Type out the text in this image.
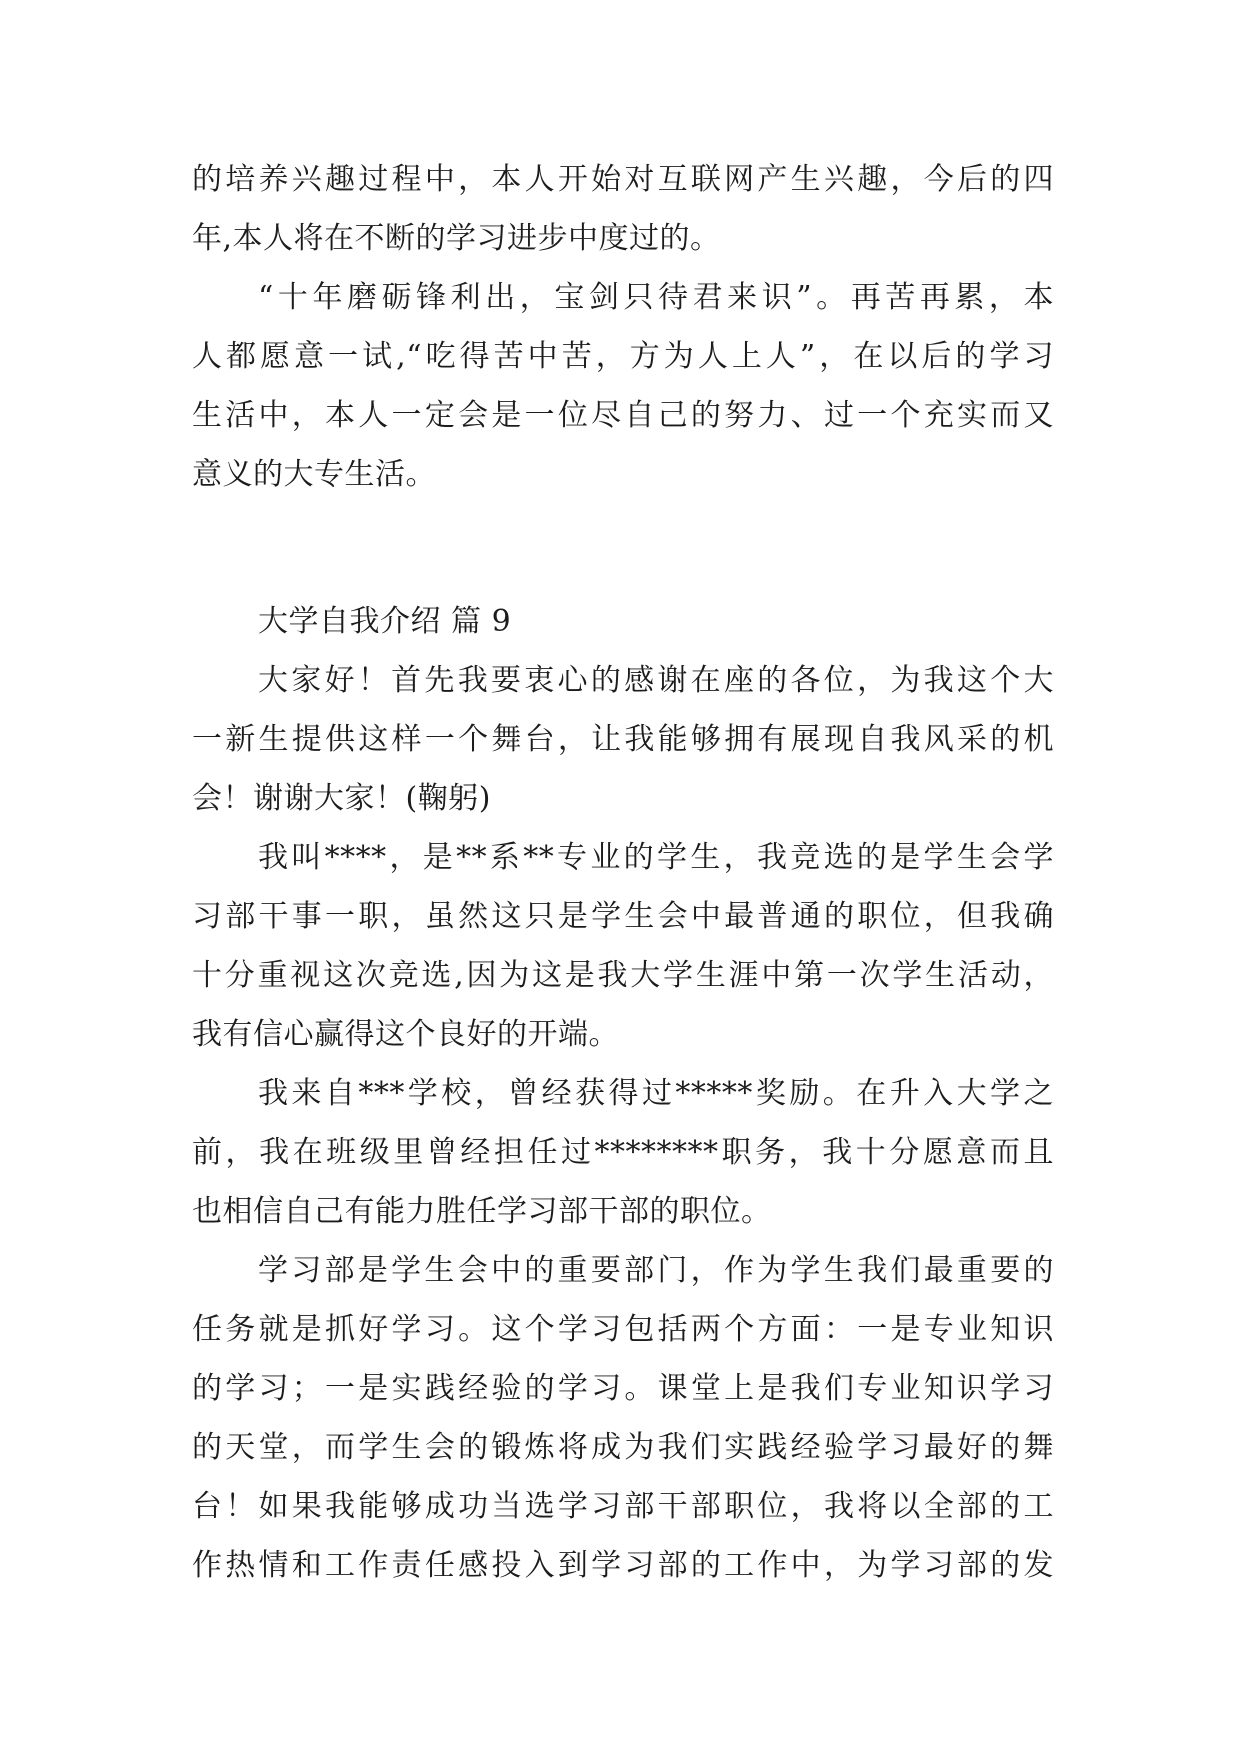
的培养兴趣过程中，本人开始对互联网产生兴趣，今后的四
年,本人将在不断的学习进步中度过的。
“十年磨砺锋利出，宝剑只待君来识”。再苦再累，本
人都愿意一试,“吃得苦中苦，方为人上人”，在以后的学习
生活中，本人一定会是一位尽自己的努力、过一个充实而又
意义的大专生活。
大学自我介绍 篇 9
大家好！首先我要衷心的感谢在座的各位，为我这个大
一新生提供这样一个舞台，让我能够拥有展现自我风采的机
会！谢谢大家！(鞠躬)
我叫****，是**系**专业的学生，我竞选的是学生会学
习部干事一职，虽然这只是学生会中最普通的职位，但我确
十分重视这次竞选,因为这是我大学生涯中第一次学生活动，
我有信心赢得这个良好的开端。
我来自***学校，曾经获得过*****奖励。在升入大学之
前，我在班级里曾经担任过********职务，我十分愿意而且
也相信自己有能力胜任学习部干部的职位。
学习部是学生会中的重要部门，作为学生我们最重要的
任务就是抓好学习。这个学习包括两个方面：一是专业知识
的学习；一是实践经验的学习。课堂上是我们专业知识学习
的天堂，而学生会的锻炼将成为我们实践经验学习最好的舞
台！如果我能够成功当选学习部干部职位，我将以全部的工
作热情和工作责任感投入到学习部的工作中，为学习部的发
